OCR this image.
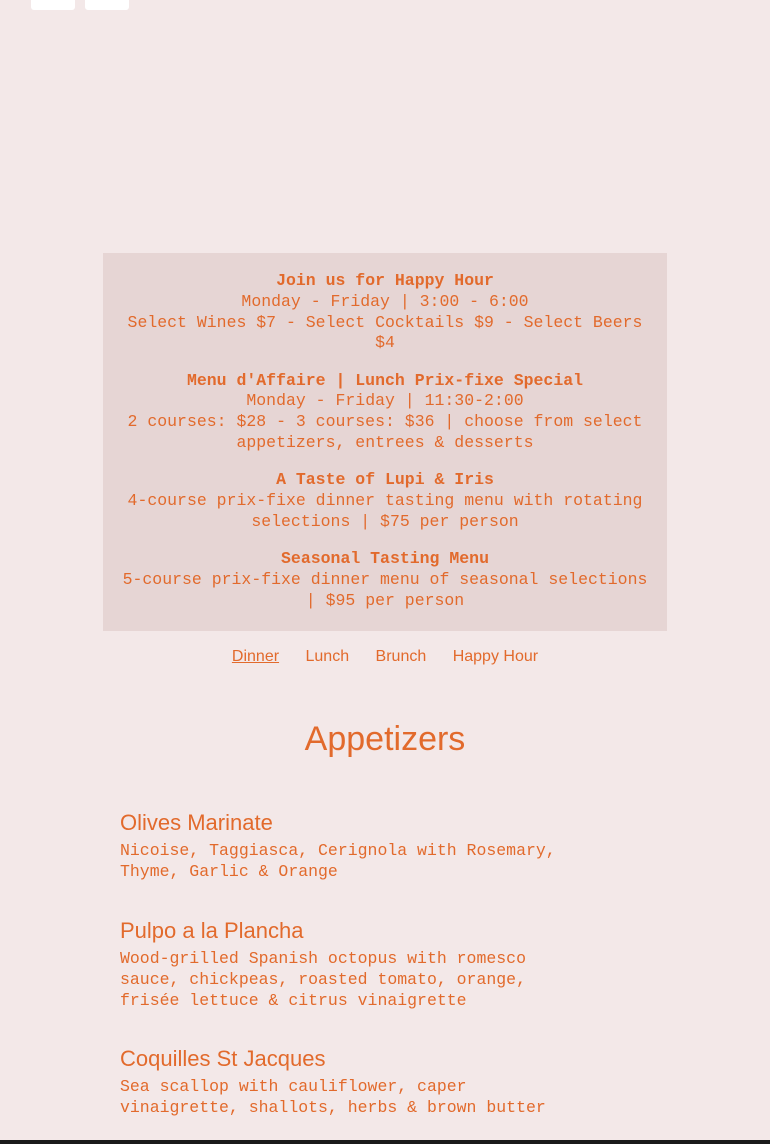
Join us for Happy Hour
Monday - Friday | 3:00 - 6:00
Select Wines $7 - Select Cocktails $9 - Select Beers $4
Menu d'Affaire | Lunch Prix-fixe Special
Monday - Friday | 11:30-2:00
2 courses: $28 - 3 courses: $36 | choose from select appetizers, entrees & desserts
A Taste of Lupi & Iris
4-course prix-fixe dinner tasting menu with rotating selections | $75 per person
Seasonal Tasting Menu
5-course prix-fixe dinner menu of seasonal selections | $95 per person
Dinner Lunch Brunch Happy Hour
Appetizers
Olives Marinate
Nicoise, Taggiasca, Cerignola with Rosemary, Thyme, Garlic & Orange
Pulpo a la Plancha
Wood-grilled Spanish octopus with romesco sauce, chickpeas, roasted tomato, orange, frisée lettuce & citrus vinaigrette
Coquilles St Jacques
Sea scallop with cauliflower, caper vinaigrette, shallots, herbs & brown butter
